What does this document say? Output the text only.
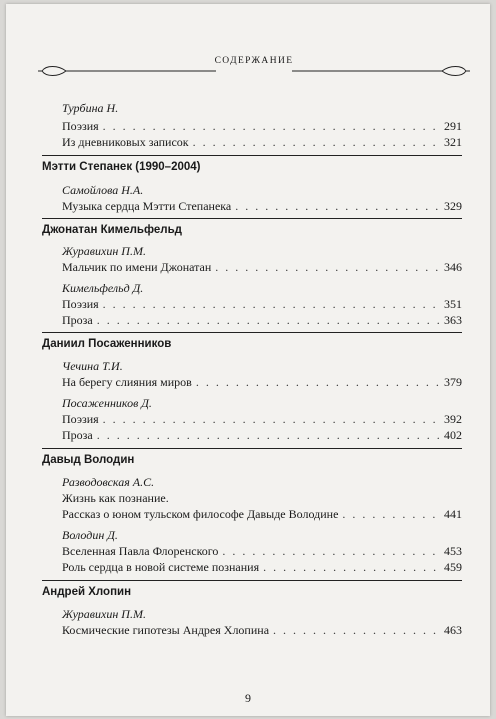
СОДЕРЖАНИЕ
Турбина Н.
Поэзия . . .	291
Из дневниковых записок . . .	321
Мэтти Степанек (1990–2004)
Самойлова Н.А.
Музыка сердца Мэтти Степанека . . .	329
Джонатан Кимельфельд
Журавихин П.М.
Мальчик по имени Джонатан . . .	346
Кимельфельд Д.
Поэзия . . .	351
Проза . . .	363
Даниил Посаженников
Чечина Т.И.
На берегу слияния миров . . .	379
Посаженников Д.
Поэзия . . .	392
Проза . . .	402
Давыд Володин
Разводовская А.С.
Жизнь как познание.
Рассказ о юном тульском философе Давыде Володине . . .	441
Володин Д.
Вселенная Павла Флоренского . . .	453
Роль сердца в новой системе познания . . .	459
Андрей Хлопин
Журавихин П.М.
Космические гипотезы Андрея Хлопина . . .	463
9
